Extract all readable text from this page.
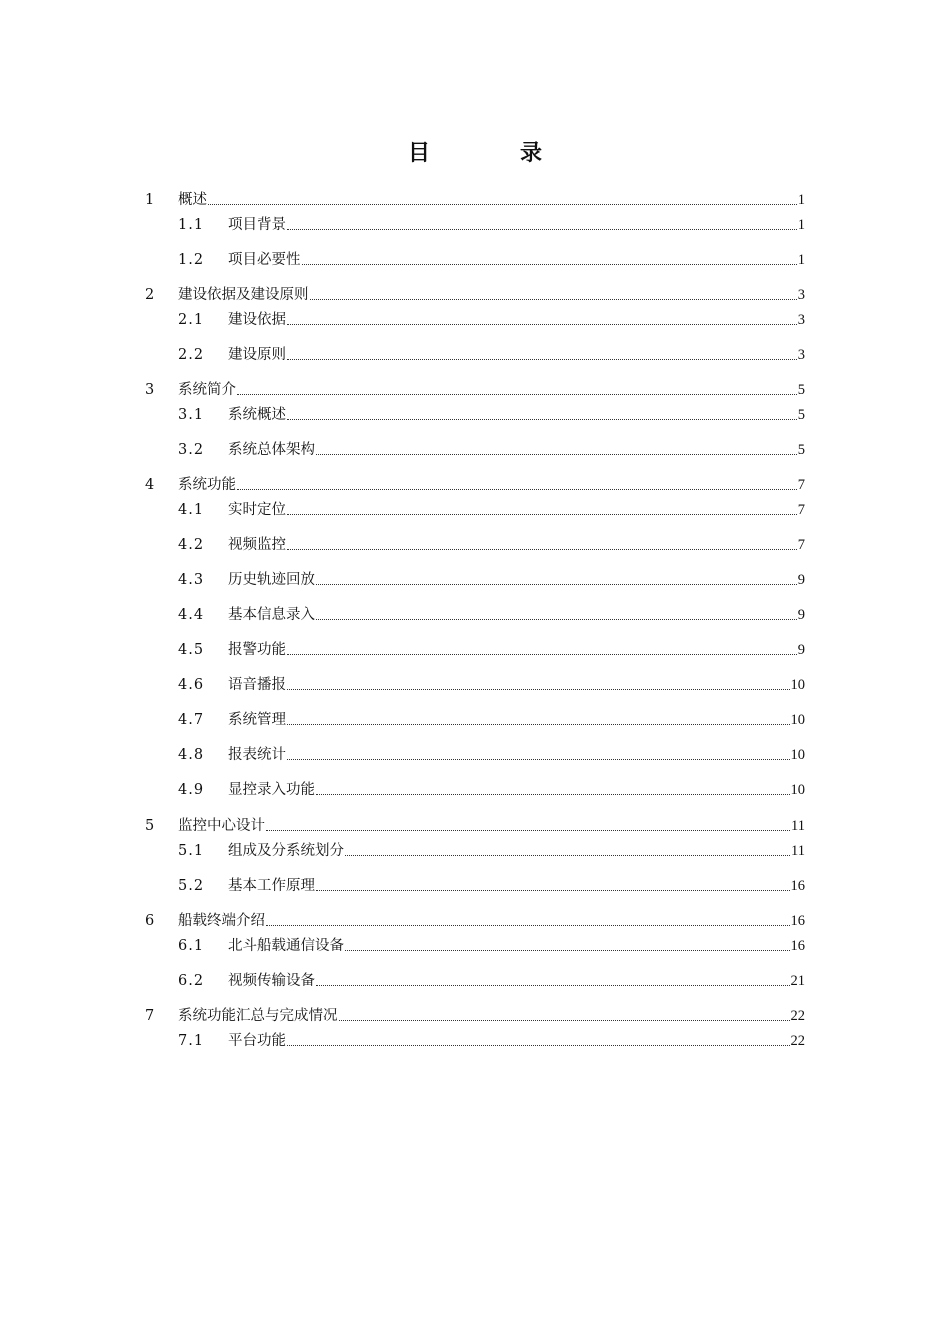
目　录
1	概述	1
1.1	项目背景	1
1.2	项目必要性	1
2	建设依据及建设原则	3
2.1	建设依据	3
2.2	建设原则	3
3	系统简介	5
3.1	系统概述	5
3.2	系统总体架构	5
4	系统功能	7
4.1	实时定位	7
4.2	视频监控	7
4.3	历史轨迹回放	9
4.4	基本信息录入	9
4.5	报警功能	9
4.6	语音播报	10
4.7	系统管理	10
4.8	报表统计	10
4.9	显控录入功能	10
5	监控中心设计	11
5.1	组成及分系统划分	11
5.2	基本工作原理	16
6	船载终端介绍	16
6.1	北斗船载通信设备	16
6.2	视频传输设备	21
7	系统功能汇总与完成情况	22
7.1	平台功能	22
